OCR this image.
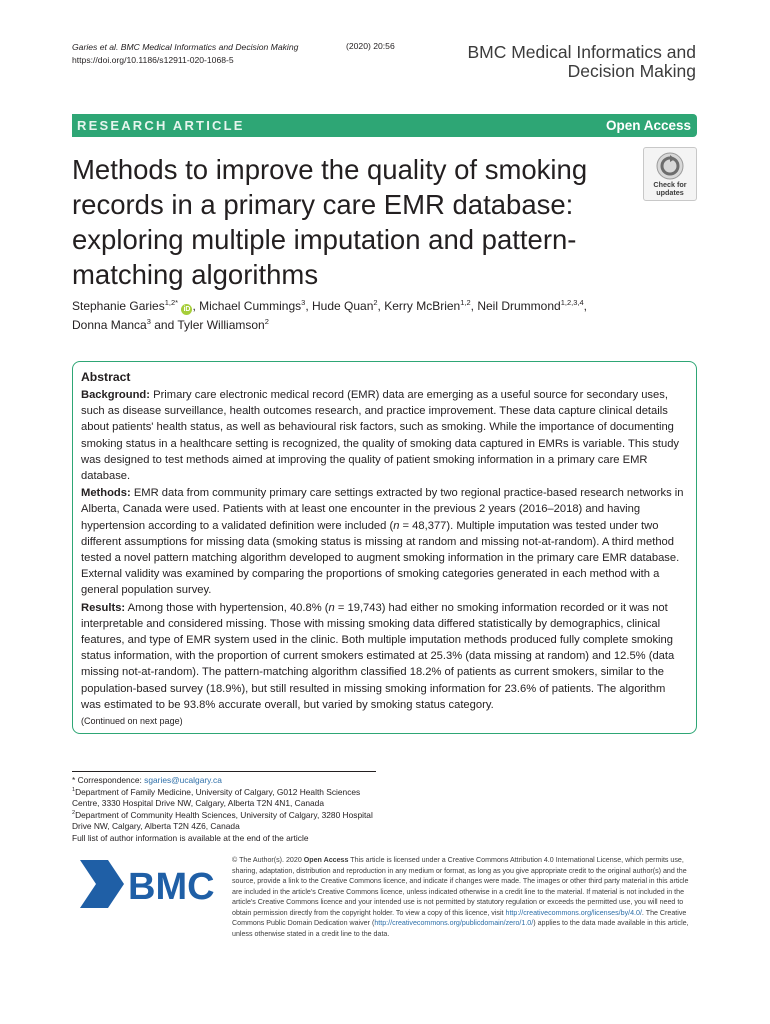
Garies et al. BMC Medical Informatics and Decision Making
https://doi.org/10.1186/s12911-020-1068-5
(2020) 20:56	BMC Medical Informatics and
Decision Making
RESEARCH ARTICLE	Open Access
Methods to improve the quality of smoking records in a primary care EMR database: exploring multiple imputation and pattern-matching algorithms
Check for
updates
Stephanie Garies$^{1,2*}$ iD , Michael Cummings$^3$, Hude Quan$^2$, Kerry McBrien$^{1,2}$, Neil Drummond$^{1,2,3,4}$,
Donna Manca$^3$ and Tyler Williamson$^2$
Abstract

Background: Primary care electronic medical record (EMR) data are emerging as a useful source for secondary uses, such as disease surveillance, health outcomes research, and practice improvement. These data capture clinical details about patients' health status, as well as behavioural risk factors, such as smoking. While the importance of documenting smoking status in a healthcare setting is recognized, the quality of smoking data captured in EMRs is variable. This study was designed to test methods aimed at improving the quality of patient smoking information in a primary care EMR database.

Methods: EMR data from community primary care settings extracted by two regional practice-based research networks in Alberta, Canada were used. Patients with at least one encounter in the previous 2 years (2016–2018) and having hypertension according to a validated definition were included (n = 48,377). Multiple imputation was tested under two different assumptions for missing data (smoking status is missing at random and missing not-at-random). A third method tested a novel pattern matching algorithm developed to augment smoking information in the primary care EMR database. External validity was examined by comparing the proportions of smoking categories generated in each method with a general population survey.

Results: Among those with hypertension, 40.8% (n = 19,743) had either no smoking information recorded or it was not interpretable and considered missing. Those with missing smoking data differed statistically by demographics, clinical features, and type of EMR system used in the clinic. Both multiple imputation methods produced fully complete smoking status information, with the proportion of current smokers estimated at 25.3% (data missing at random) and 12.5% (data missing not-at-random). The pattern-matching algorithm classified 18.2% of patients as current smokers, similar to the population-based survey (18.9%), but still resulted in missing smoking information for 23.6% of patients. The algorithm was estimated to be 93.8% accurate overall, but varied by smoking status category.

(Continued on next page)

* Correspondence: sgaries@ucalgary.ca

$^1$Department of Family Medicine, University of Calgary, G012 Health Sciences Centre, 3330 Hospital Drive NW, Calgary, Alberta T2N 4N1, Canada

$^2$Department of Community Health Sciences, University of Calgary, 3280 Hospital Drive NW, Calgary, Alberta T2N 4Z6, Canada

Full list of author information is available at the end of the article

BMC

© The Author(s). 2020 Open Access This article is licensed under a Creative Commons Attribution 4.0 International License, which permits use, sharing, adaptation, distribution and reproduction in any medium or format, as long as you give appropriate credit to the original author(s) and the source, provide a link to the Creative Commons licence, and indicate if changes were made. The images or other third party material in this article are included in the article's Creative Commons licence, unless indicated otherwise in a credit line to the material. If material is not included in the article's Creative Commons licence and your intended use is not permitted by statutory regulation or exceeds the permitted use, you will need to obtain permission directly from the copyright holder. To view a copy of this licence, visit http://creativecommons.org/licenses/by/4.0/. The Creative Commons Public Domain Dedication waiver (http://creativecommons.org/publicdomain/zero/1.0/) applies to the data made available in this article, unless otherwise stated in a credit line to the data.
